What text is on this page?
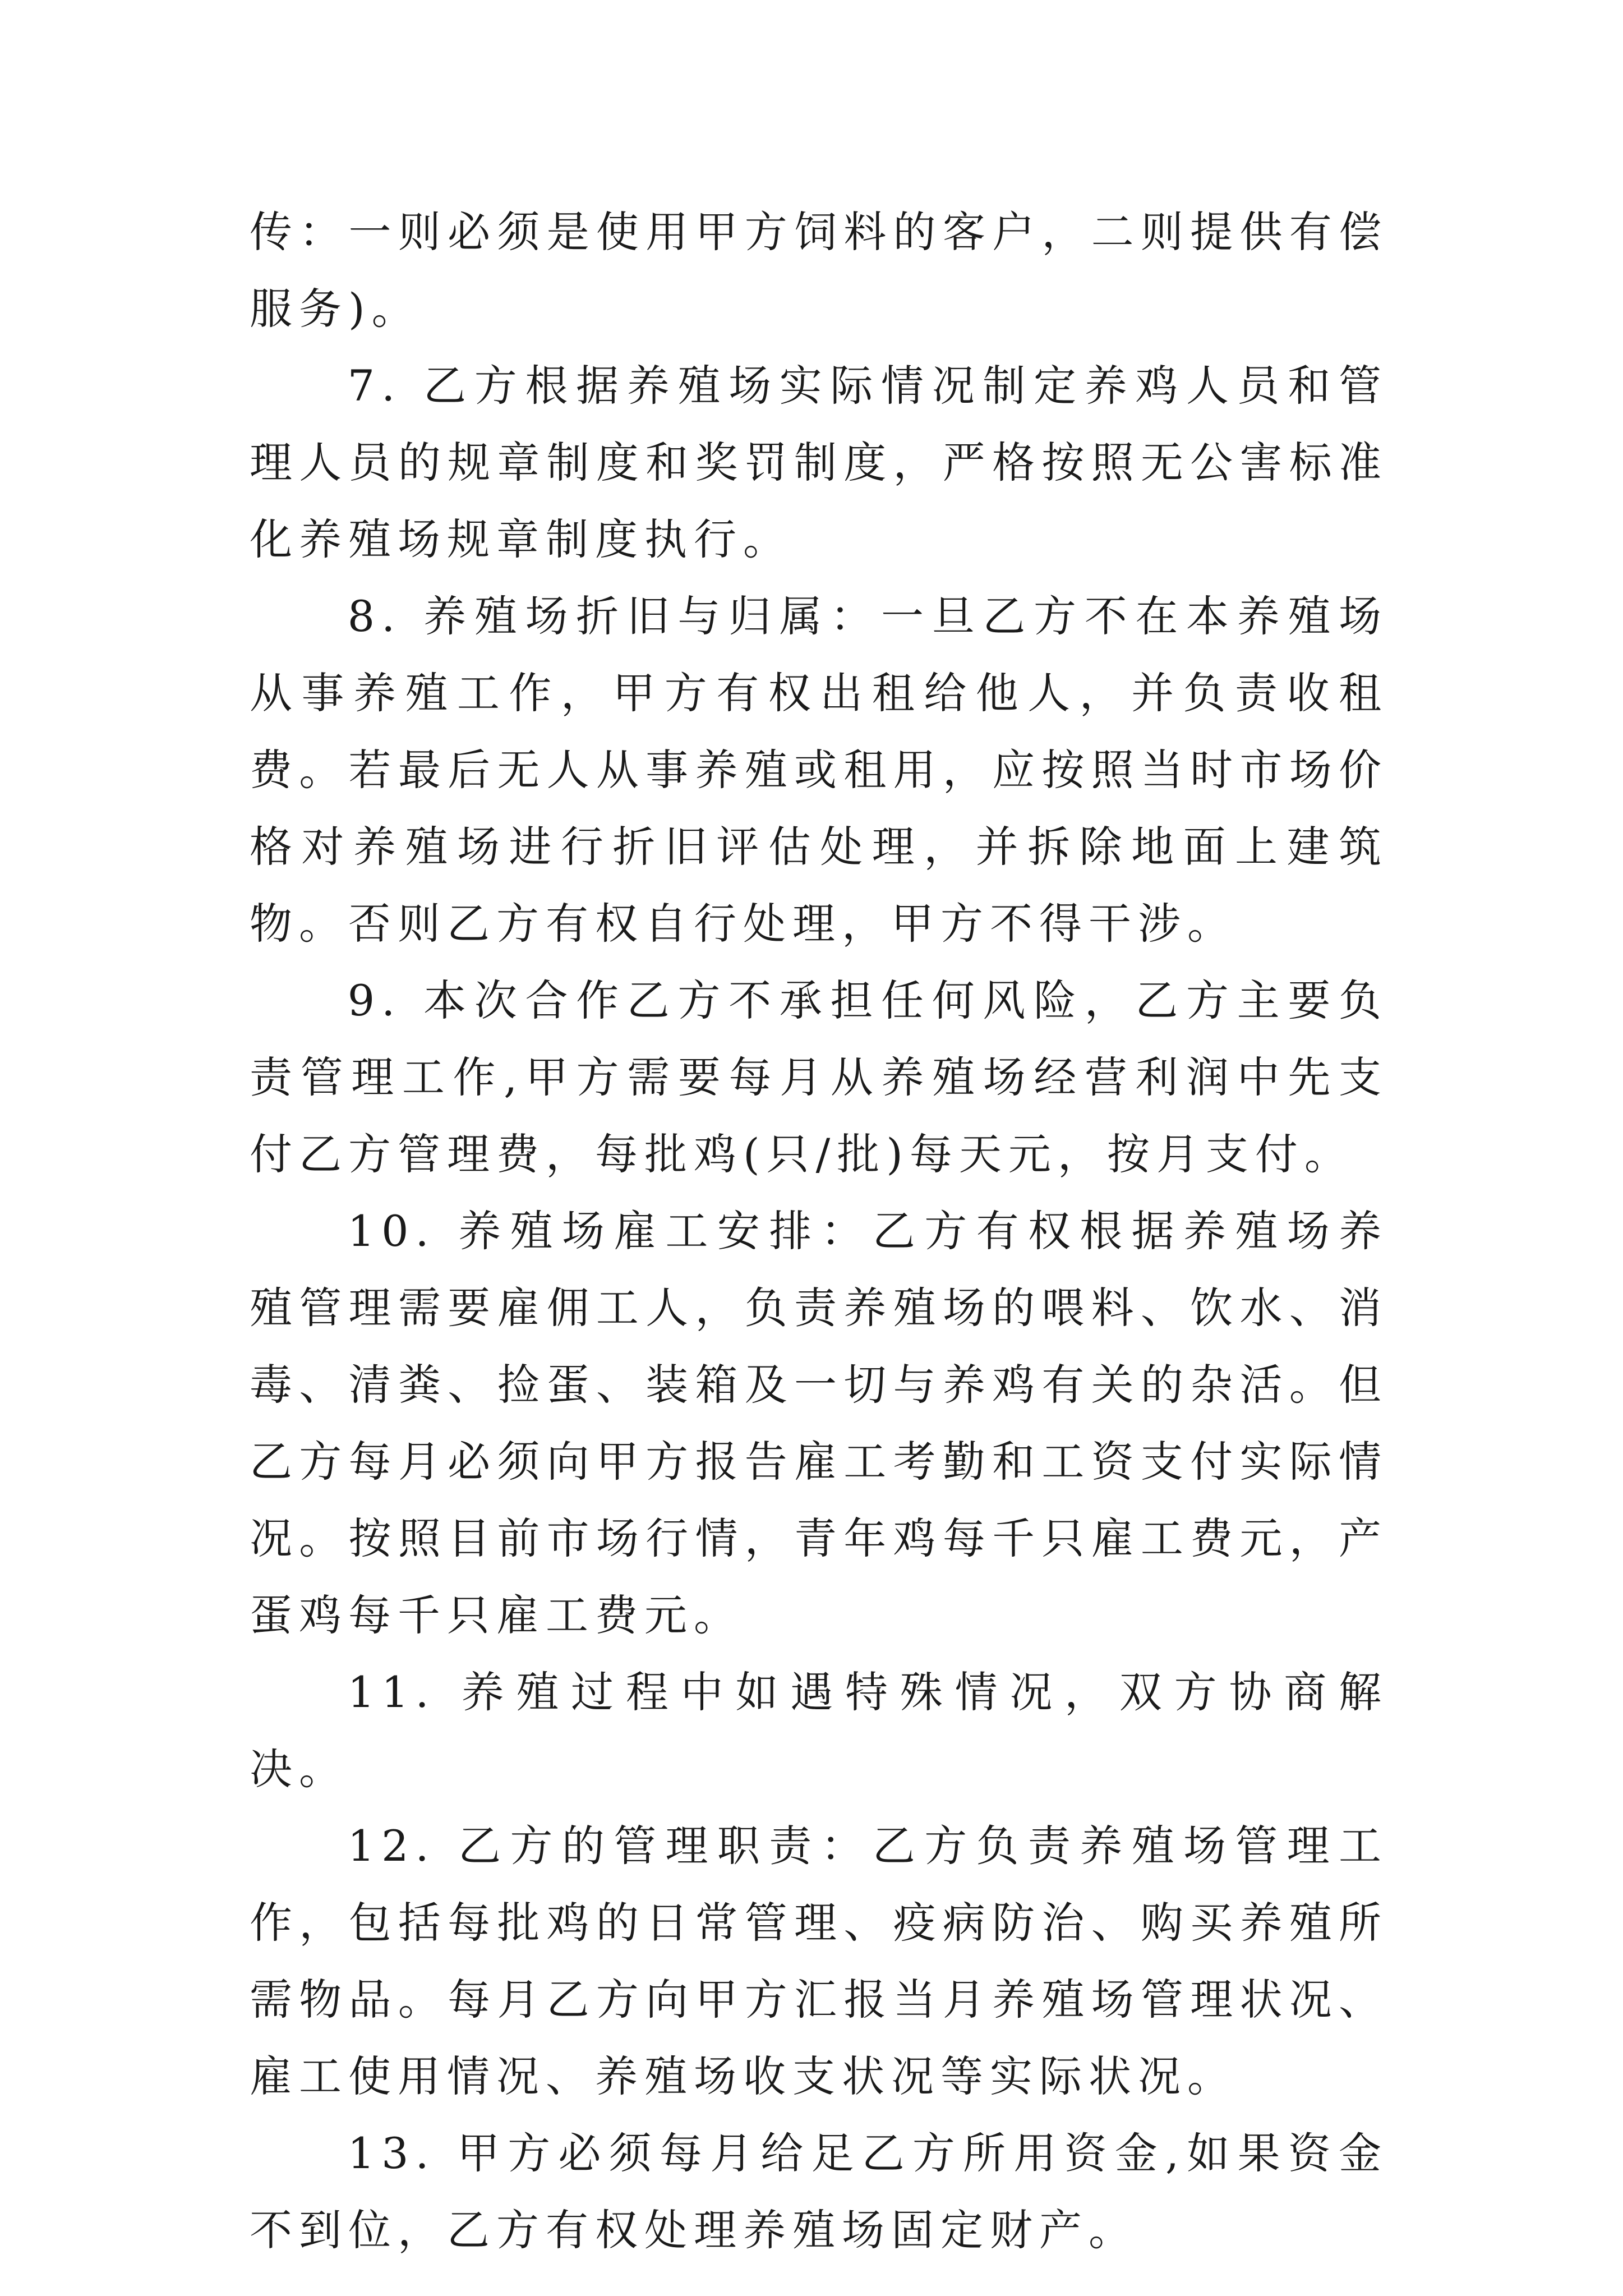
传：一则必须是使用甲方饲料的客户，二则提供有偿服务)。

7. 乙方根据养殖场实际情况制定养鸡人员和管理人员的规章制度和奖罚制度，严格按照无公害标准化养殖场规章制度执行。

8. 养殖场折旧与归属：一旦乙方不在本养殖场从事养殖工作，甲方有权出租给他人，并负责收租费。若最后无人从事养殖或租用，应按照当时市场价格对养殖场进行折旧评估处理，并拆除地面上建筑物。否则乙方有权自行处理，甲方不得干涉。

9. 本次合作乙方不承担任何风险，乙方主要负责管理工作,甲方需要每月从养殖场经营利润中先支付乙方管理费，每批鸡(只/批)每天元，按月支付。

10. 养殖场雇工安排：乙方有权根据养殖场养殖管理需要雇佣工人，负责养殖场的喂料、饮水、消毒、清粪、捡蛋、装箱及一切与养鸡有关的杂活。但乙方每月必须向甲方报告雇工考勤和工资支付实际情况。按照目前市场行情，青年鸡每千只雇工费元，产蛋鸡每千只雇工费元。

11. 养殖过程中如遇特殊情况，双方协商解决。

12. 乙方的管理职责：乙方负责养殖场管理工作，包括每批鸡的日常管理、疫病防治、购买养殖所需物品。每月乙方向甲方汇报当月养殖场管理状况、雇工使用情况、养殖场收支状况等实际状况。

13. 甲方必须每月给足乙方所用资金,如果资金不到位，乙方有权处理养殖场固定财产。
